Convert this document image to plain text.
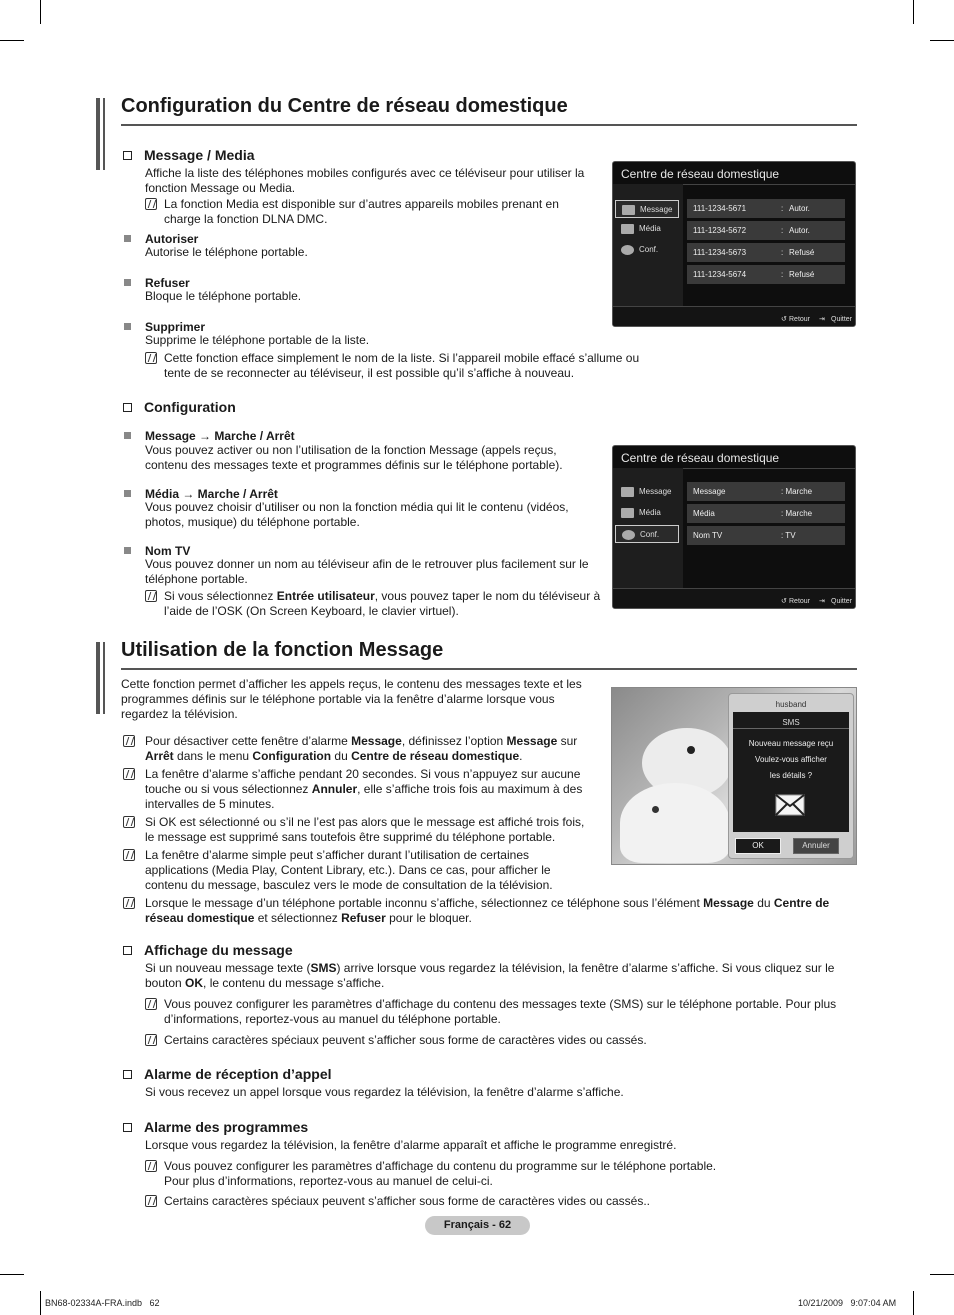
Configuration du Centre de réseau domestique
Message / Media
Affiche la liste des téléphones mobiles configurés avec ce téléviseur pour utiliser la fonction Message ou Media.
La fonction Media est disponible sur d’autres appareils mobiles prenant en charge la fonction DLNA DMC.
Autoriser
Autorise le téléphone portable.
Refuser
Bloque le téléphone portable.
Supprimer
Supprime le téléphone portable de la liste.
Cette fonction efface simplement le nom de la liste. Si l’appareil mobile effacé s’allume ou tente de se reconnecter au téléviseur, il est possible qu’il s’affiche à nouveau.
Centre de réseau domestique
Message
Média
Conf.
111-1234-5671	: Autor.
111-1234-5672	: Autor.
111-1234-5673	: Refusé
111-1234-5674	: Refusé
↺ Retour ⇥ Quitter
Configuration
Message → Marche / Arrêt
Vous pouvez activer ou non l’utilisation de la fonction Message (appels reçus, contenu des messages texte et programmes définis sur le téléphone portable).
Média → Marche / Arrêt
Vous pouvez choisir d’utiliser ou non la fonction média qui lit le contenu (vidéos, photos, musique) du téléphone portable.
Nom TV
Vous pouvez donner un nom au téléviseur afin de le retrouver plus facilement sur le téléphone portable.
Si vous sélectionnez Entrée utilisateur, vous pouvez taper le nom du téléviseur à l’aide de l’OSK (On Screen Keyboard, le clavier virtuel).
Centre de réseau domestique
Message
Média
Conf.
Message	: Marche
Média	: Marche
Nom TV	: TV
↺ Retour ⇥ Quitter
Utilisation de la fonction Message
Cette fonction permet d’afficher les appels reçus, le contenu des messages texte et les programmes définis sur le téléphone portable via la fenêtre d’alarme lorsque vous regardez la télévision.
Pour désactiver cette fenêtre d’alarme Message, définissez l’option Message sur Arrêt dans le menu Configuration du Centre de réseau domestique.
La fenêtre d’alarme s’affiche pendant 20 secondes. Si vous n’appuyez sur aucune touche ou si vous sélectionnez Annuler, elle s’affiche trois fois au maximum à des intervalles de 5 minutes.
Si OK est sélectionné ou s’il ne l’est pas alors que le message est affiché trois fois, le message est supprimé sans toutefois être supprimé du téléphone portable.
La fenêtre d’alarme simple peut s’afficher durant l’utilisation de certaines applications (Media Play, Content Library, etc.). Dans ce cas, pour afficher le contenu du message, basculez vers le mode de consultation de la télévision.
Lorsque le message d’un téléphone portable inconnu s’affiche, sélectionnez ce téléphone sous l’élément Message du Centre de réseau domestique et sélectionnez Refuser pour le bloquer.
husband
SMS
Nouveau message reçu
Voulez-vous afficher
les détails ?
OK	Annuler
Affichage du message
Si un nouveau message texte (SMS) arrive lorsque vous regardez la télévision, la fenêtre d’alarme s’affiche. Si vous cliquez sur le bouton OK, le contenu du message s’affiche.
Vous pouvez configurer les paramètres d’affichage du contenu des messages texte (SMS) sur le téléphone portable. Pour plus d’informations, reportez-vous au manuel du téléphone portable.
Certains caractères spéciaux peuvent s’afficher sous forme de caractères vides ou cassés.
Alarme de réception d’appel
Si vous recevez un appel lorsque vous regardez la télévision, la fenêtre d’alarme s’affiche.
Alarme des programmes
Lorsque vous regardez la télévision, la fenêtre d’alarme apparaît et affiche le programme enregistré.
Vous pouvez configurer les paramètres d’affichage du contenu du programme sur le téléphone portable.
Pour plus d’informations, reportez-vous au manuel de celui-ci.
Certains caractères spéciaux peuvent s’afficher sous forme de caractères vides ou cassés..
Français - 62
BN68-02334A-FRA.indb   62	10/21/2009   9:07:04 AM
